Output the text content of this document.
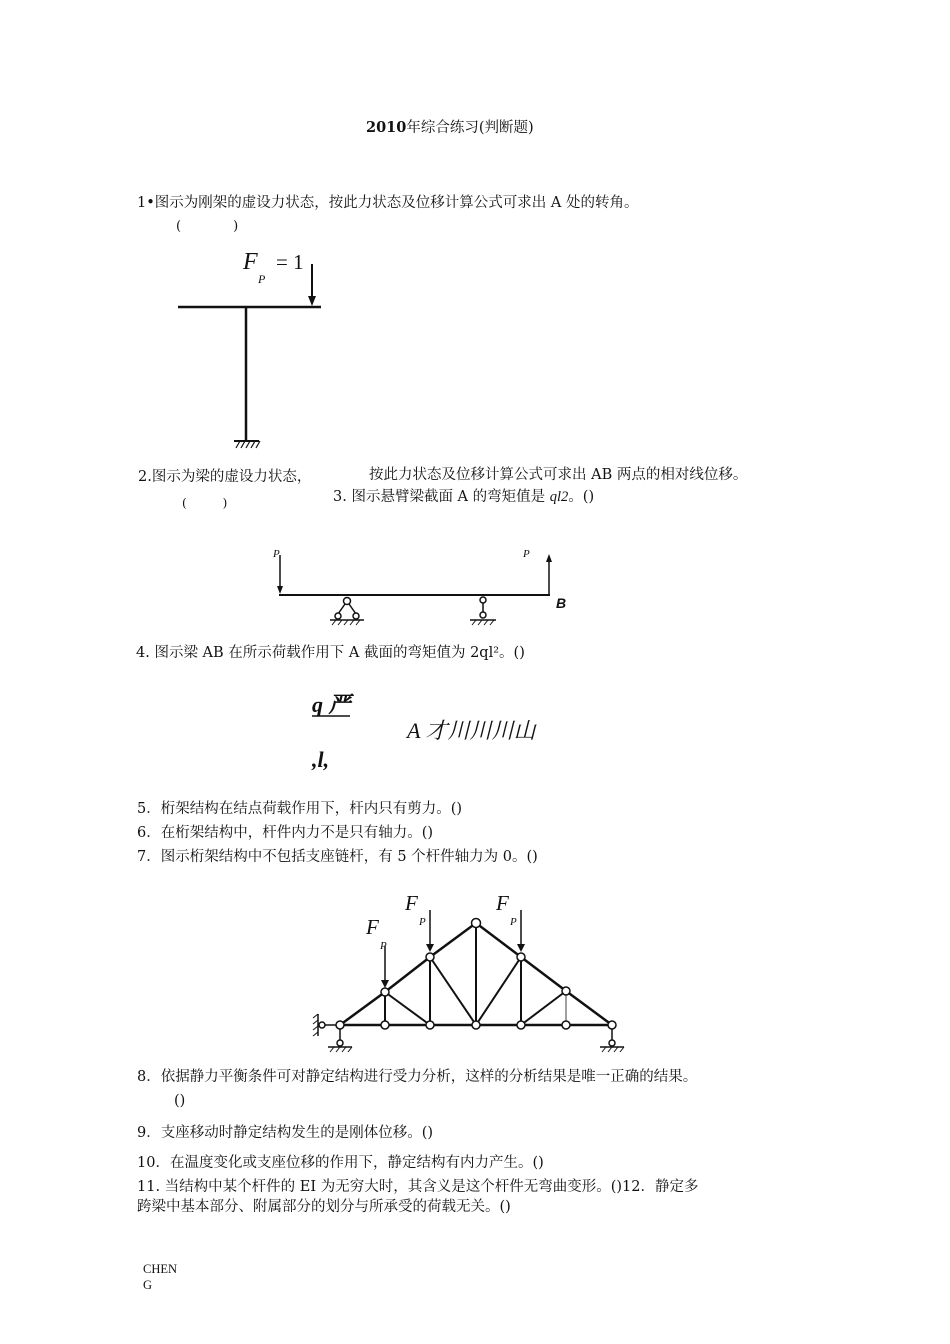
2010年综合练习(判断题)
1•图示为刚架的虚设力状态，按此力状态及位移计算公式可求出 A 处的转角。
(　　　　)
F
P
= 1
2.图示为梁的虚设力状态，	按此力状态及位移计算公式可求出 AB 两点的相对线位移。
(　　　)	3. 图示悬臂梁截面 A 的弯矩值是 ql2。()
P	P
B
4. 图示梁 AB 在所示荷载作用下 A 截面的弯矩值为 2ql²。()
q 严
A 才川川川山
,l,
5．桁架结构在结点荷载作用下，杆内只有剪力。()
6．在桁架结构中，杆件内力不是只有轴力。()
7．图示桁架结构中不包括支座链杆，有 5 个杆件轴力为 0。()
F
P
F
P
F
P
8．依据静力平衡条件可对静定结构进行受力分析，这样的分析结果是唯一正确的结果。
()
9．支座移动时静定结构发生的是刚体位移。()
10．在温度变化或支座位移的作用下，静定结构有内力产生。()
11. 当结构中某个杆件的 EI 为无穷大时，其含义是这个杆件无弯曲变形。()12．静定多
跨梁中基本部分、附属部分的划分与所承受的荷载无关。()
CHEN
G
